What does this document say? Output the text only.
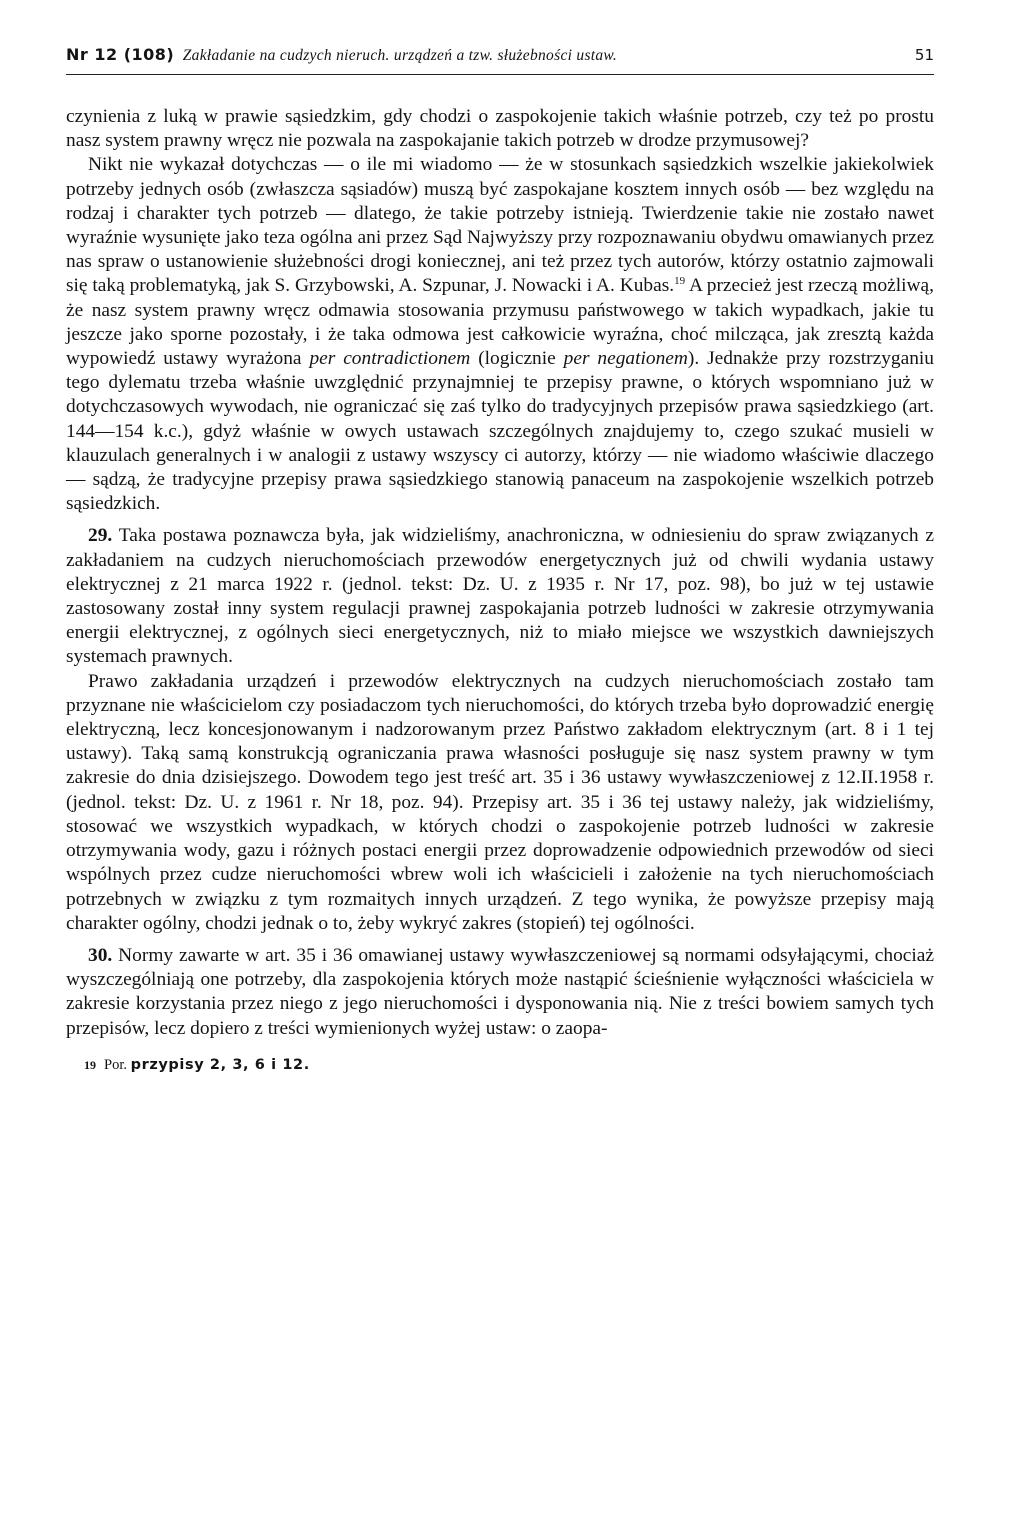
Nr 12 (108) Zakładanie na cudzych nieruch. urządzeń a tzw. służebności ustaw.	51

czynienia z luką w prawie sąsiedzkim, gdy chodzi o zaspokojenie takich właśnie potrzeb, czy też po prostu nasz system prawny wręcz nie pozwala na zaspokajanie takich potrzeb w drodze przymusowej?

Nikt nie wykazał dotychczas — o ile mi wiadomo — że w stosunkach sąsiedzkich wszelkie jakiekolwiek potrzeby jednych osób (zwłaszcza sąsiadów) muszą być zaspokajane kosztem innych osób — bez względu na rodzaj i charakter tych potrzeb — dlatego, że takie potrzeby istnieją. Twierdzenie takie nie zostało nawet wyraźnie wysunięte jako teza ogólna ani przez Sąd Najwyższy przy rozpoznawaniu obydwu omawianych przez nas spraw o ustanowienie służebności drogi koniecznej, ani też przez tych autorów, którzy ostatnio zajmowali się taką problematyką, jak S. Grzybowski, A. Szpunar, J. Nowacki i A. Kubas.$^{19}$ A przecież jest rzeczą możliwą, że nasz system prawny wręcz odmawia stosowania przymusu państwowego w takich wypadkach, jakie tu jeszcze jako sporne pozostały, i że taka odmowa jest całkowicie wyraźna, choć milcząca, jak zresztą każda wypowiedź ustawy wyrażona per contradictionem (logicznie per negationem). Jednakże przy rozstrzyganiu tego dylematu trzeba właśnie uwzględnić przynajmniej te przepisy prawne, o których wspomniano już w dotychczasowych wywodach, nie ograniczać się zaś tylko do tradycyjnych przepisów prawa sąsiedzkiego (art. 144—154 k.c.), gdyż właśnie w owych ustawach szczególnych znajdujemy to, czego szukać musieli w klauzulach generalnych i w analogii z ustawy wszyscy ci autorzy, którzy — nie wiadomo właściwie dlaczego — sądzą, że tradycyjne przepisy prawa sąsiedzkiego stanowią panaceum na zaspokojenie wszelkich potrzeb sąsiedzkich.

29. Taka postawa poznawcza była, jak widzieliśmy, anachroniczna, w odniesieniu do spraw związanych z zakładaniem na cudzych nieruchomościach przewodów energetycznych już od chwili wydania ustawy elektrycznej z 21 marca 1922 r. (jednol. tekst: Dz. U. z 1935 r. Nr 17, poz. 98), bo już w tej ustawie zastosowany został inny system regulacji prawnej zaspokajania potrzeb ludności w zakresie otrzymywania energii elektrycznej, z ogólnych sieci energetycznych, niż to miało miejsce we wszystkich dawniejszych systemach prawnych.

Prawo zakładania urządzeń i przewodów elektrycznych na cudzych nieruchomościach zostało tam przyznane nie właścicielom czy posiadaczom tych nieruchomości, do których trzeba było doprowadzić energię elektryczną, lecz koncesjonowanym i nadzorowanym przez Państwo zakładom elektrycznym (art. 8 i 1 tej ustawy). Taką samą konstrukcją ograniczania prawa własności posługuje się nasz system prawny w tym zakresie do dnia dzisiejszego. Dowodem tego jest treść art. 35 i 36 ustawy wywłaszczeniowej z 12.II.1958 r. (jednol. tekst: Dz. U. z 1961 r. Nr 18, poz. 94). Przepisy art. 35 i 36 tej ustawy należy, jak widzieliśmy, stosować we wszystkich wypadkach, w których chodzi o zaspokojenie potrzeb ludności w zakresie otrzymywania wody, gazu i różnych postaci energii przez doprowadzenie odpowiednich przewodów od sieci wspólnych przez cudze nieruchomości wbrew woli ich właścicieli i założenie na tych nieruchomościach potrzebnych w związku z tym rozmaitych innych urządzeń. Z tego wynika, że powyższe przepisy mają charakter ogólny, chodzi jednak o to, żeby wykryć zakres (stopień) tej ogólności.

30. Normy zawarte w art. 35 i 36 omawianej ustawy wywłaszczeniowej są normami odsyłającymi, chociaż wyszczególniają one potrzeby, dla zaspokojenia których może nastąpić ścieśnienie wyłączności właściciela w zakresie korzystania przez niego z jego nieruchomości i dysponowania nią. Nie z treści bowiem samych tych przepisów, lecz dopiero z treści wymienionych wyżej ustaw: o zaopa-

19 Por. przypisy 2, 3, 6 i 12.
